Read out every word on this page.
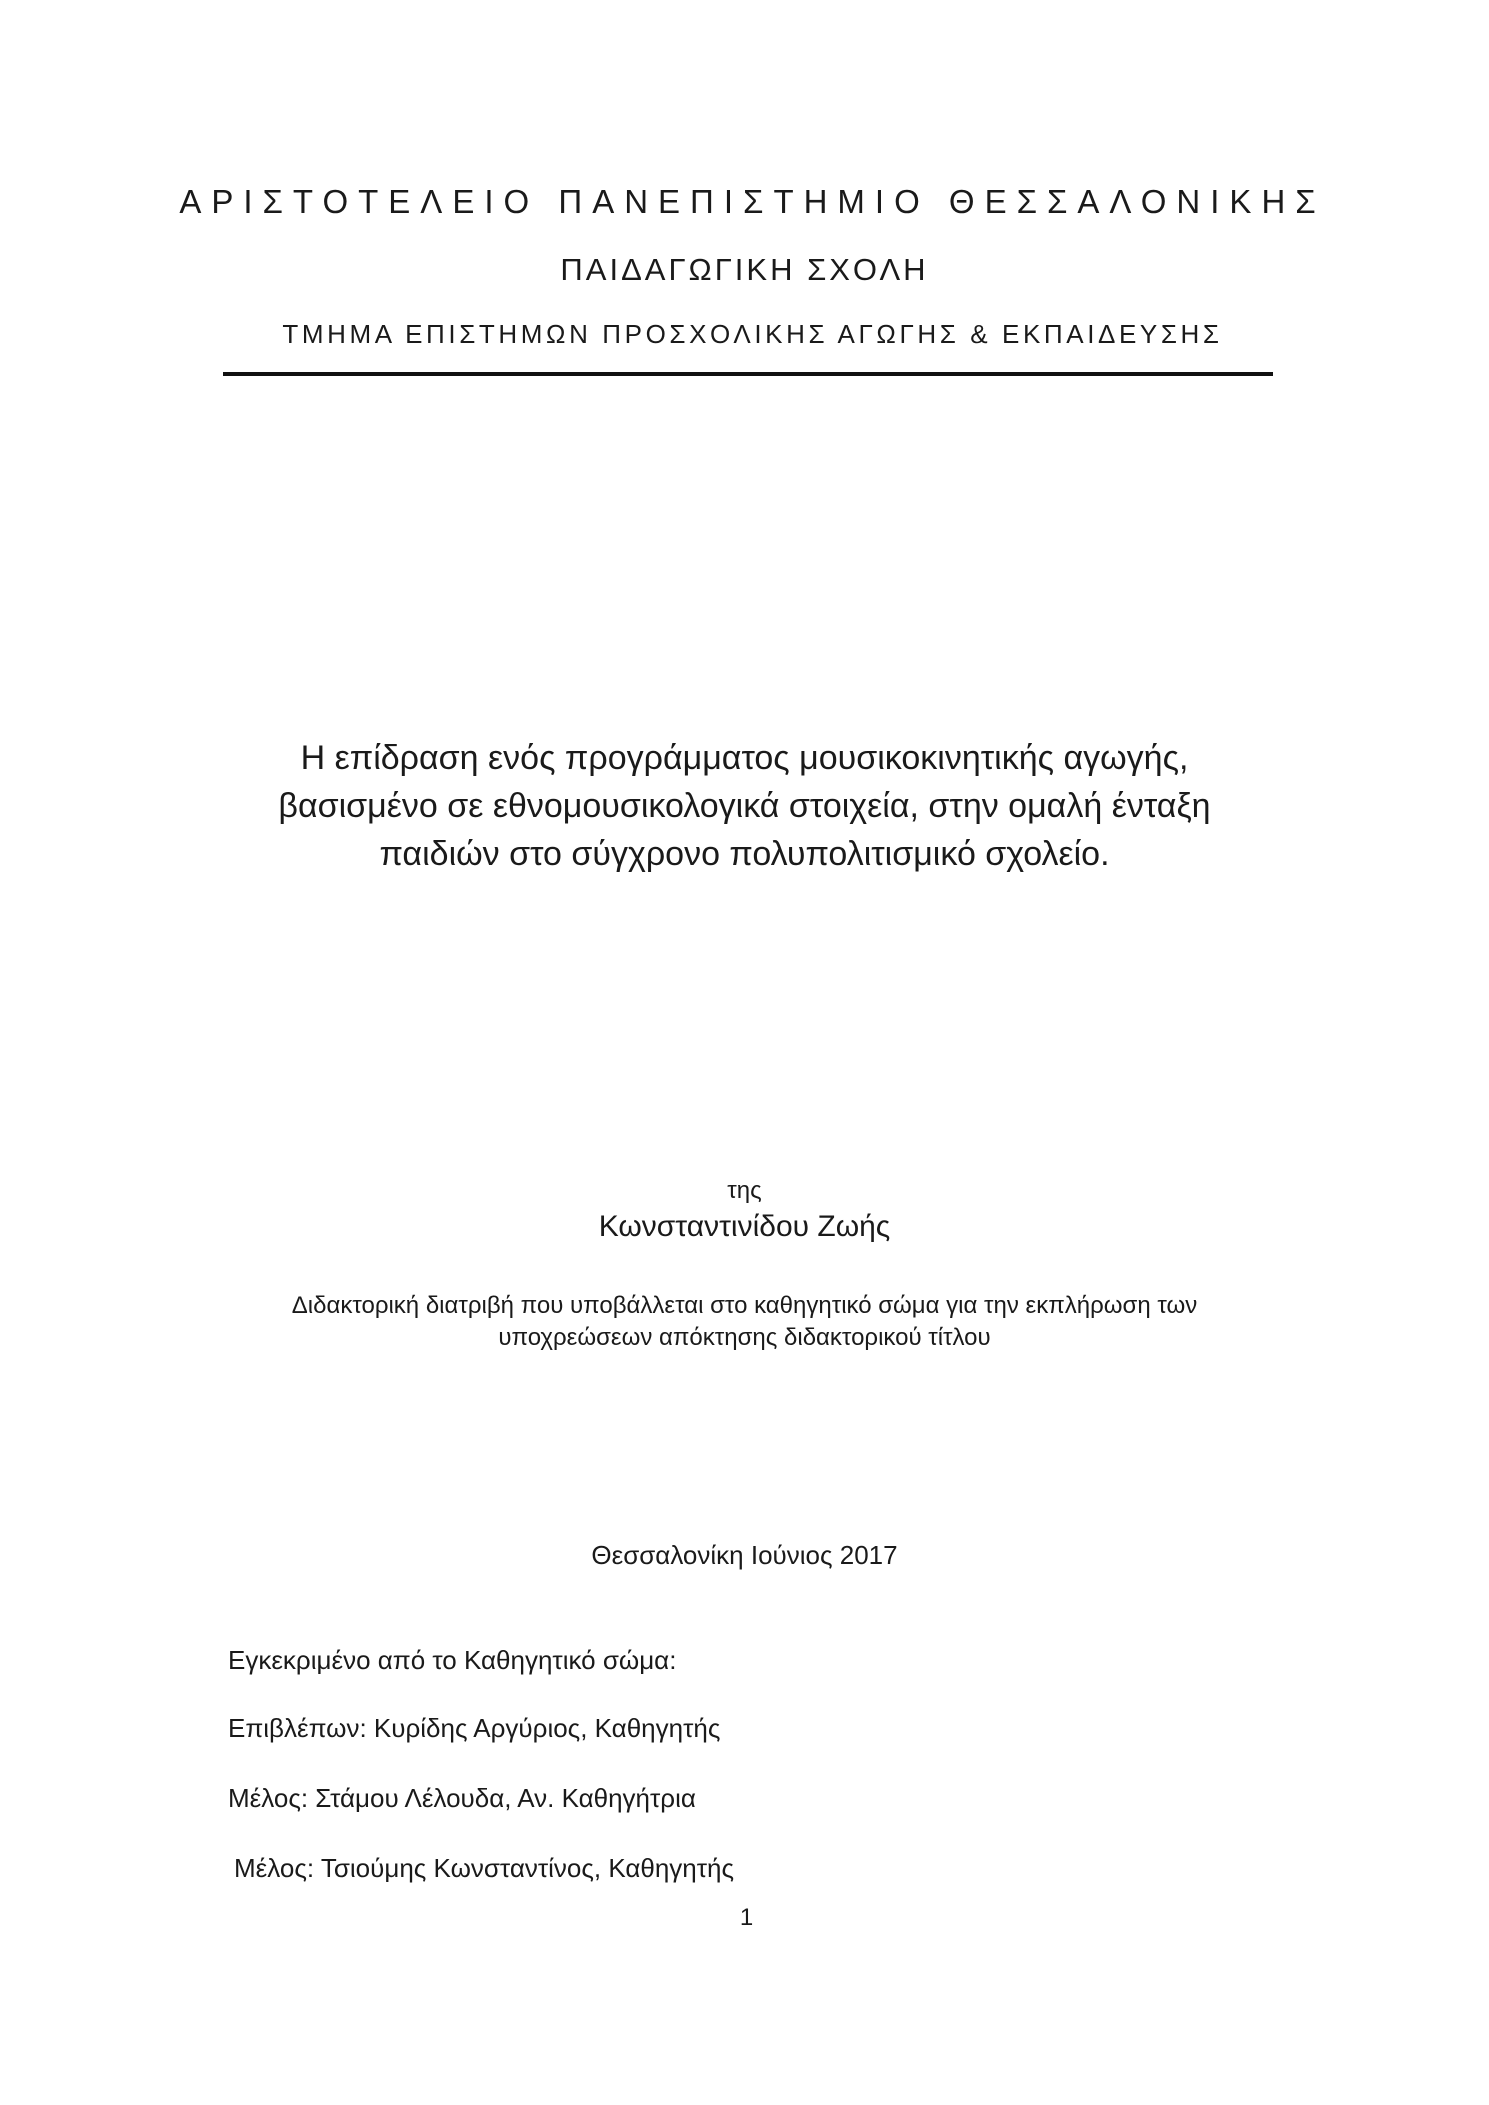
ΑΡΙΣΤΟΤΕΛΕΙΟ ΠΑΝΕΠΙΣΤΗΜΙΟ ΘΕΣΣΑΛΟΝΙΚΗΣ
ΠΑΙΔΑΓΩΓΙΚΗ ΣΧΟΛΗ
ΤΜΗΜΑ ΕΠΙΣΤΗΜΩΝ ΠΡΟΣΧΟΛΙΚΗΣ ΑΓΩΓΗΣ & ΕΚΠΑΙΔΕΥΣΗΣ
Η επίδραση ενός προγράμματος μουσικοκινητικής αγωγής,
βασισμένο σε εθνομουσικολογικά στοιχεία, στην ομαλή ένταξη
παιδιών στο σύγχρονο πολυπολιτισμικό σχολείο.
της
Κωνσταντινίδου Ζωής
Διδακτορική διατριβή που υποβάλλεται στο καθηγητικό σώμα για την εκπλήρωση των
υποχρεώσεων απόκτησης διδακτορικού τίτλου
Θεσσαλονίκη Ιούνιος 2017
Εγκεκριμένο από το Καθηγητικό σώμα:
Επιβλέπων: Κυρίδης Αργύριος, Καθηγητής
Μέλος: Στάμου Λέλουδα, Αν. Καθηγήτρια
Μέλος: Τσιούμης Κωνσταντίνος, Καθηγητής
1
